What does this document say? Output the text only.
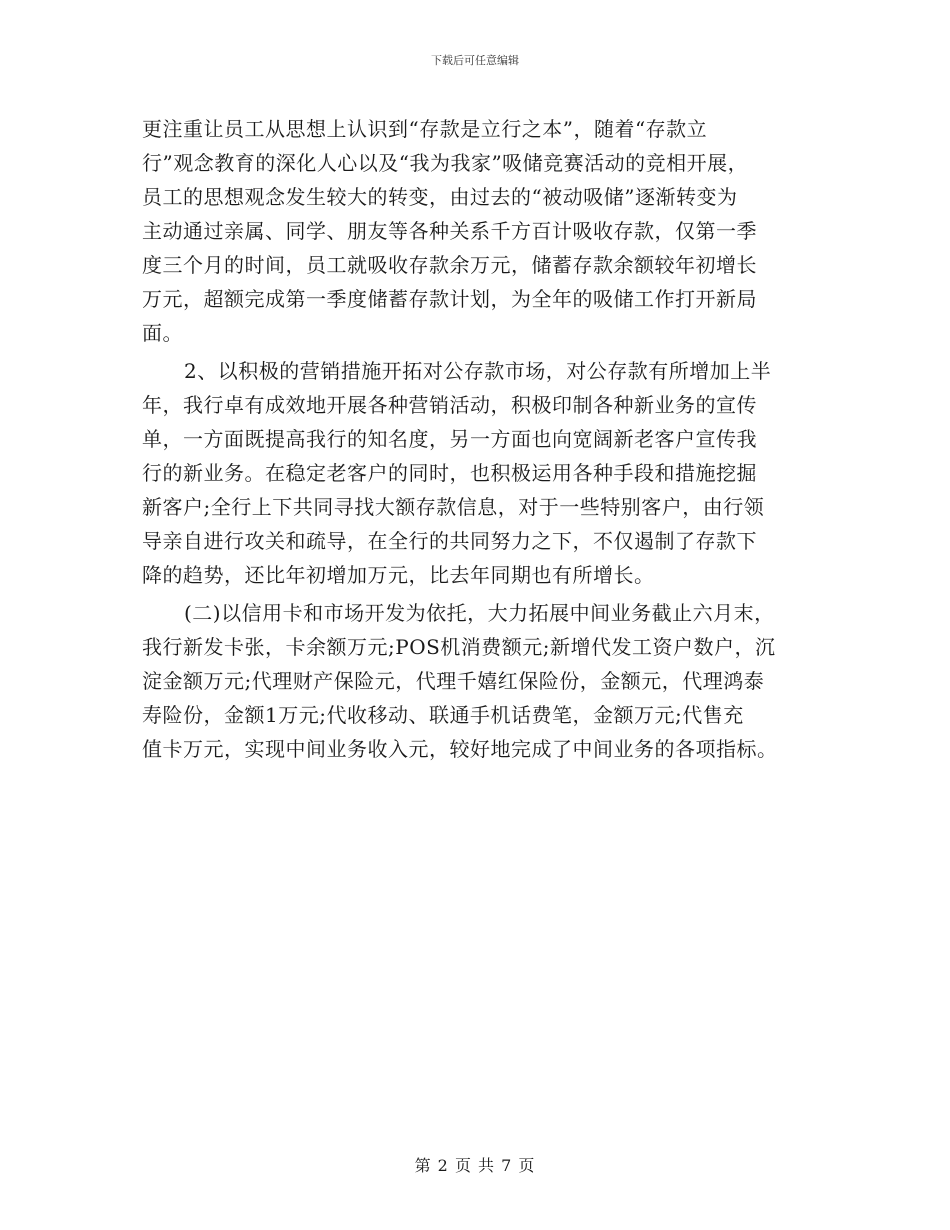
下载后可任意编辑
更注重让员工从思想上认识到“存款是立行之本”，随着“存款立
行”观念教育的深化人心以及“我为我家”吸储竞赛活动的竞相开展，
员工的思想观念发生较大的转变，由过去的“被动吸储”逐渐转变为
主动通过亲属、同学、朋友等各种关系千方百计吸收存款，仅第一季
度三个月的时间，员工就吸收存款余万元，储蓄存款余额较年初增长
万元，超额完成第一季度储蓄存款计划，为全年的吸储工作打开新局
面。
2、以积极的营销措施开拓对公存款市场，对公存款有所增加上半
年，我行卓有成效地开展各种营销活动，积极印制各种新业务的宣传
单，一方面既提高我行的知名度，另一方面也向宽阔新老客户宣传我
行的新业务。在稳定老客户的同时，也积极运用各种手段和措施挖掘
新客户;全行上下共同寻找大额存款信息，对于一些特别客户，由行领
导亲自进行攻关和疏导，在全行的共同努力之下，不仅遏制了存款下
降的趋势，还比年初增加万元，比去年同期也有所增长。
(二)以信用卡和市场开发为依托，大力拓展中间业务截止六月末，
我行新发卡张，卡余额万元;POS机消费额元;新增代发工资户数户，沉
淀金额万元;代理财产保险元，代理千嬉红保险份，金额元，代理鸿泰
寿险份，金额1万元;代收移动、联通手机话费笔，金额万元;代售充
值卡万元，实现中间业务收入元，较好地完成了中间业务的各项指标。
第 2 页 共 7 页
